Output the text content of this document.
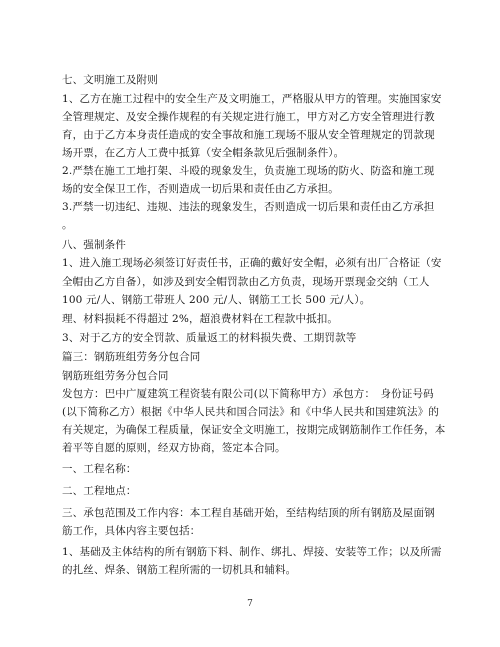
七、文明施工及附则
1、乙方在施工过程中的安全生产及文明施工，严格服从甲方的管理。实施国家安
全管理规定、及安全操作规程的有关规定进行施工，甲方对乙方安全管理进行教
育，由于乙方本身责任造成的安全事故和施工现场不服从安全管理规定的罚款现
场开票，在乙方人工费中抵算（安全帽条款见后强制条件）。
2.严禁在施工工地打架、斗殴的现象发生，负责施工现场的防火、防盗和施工现
场的安全保卫工作，否则造成一切后果和责任由乙方承担。
3.严禁一切违纪、违规、违法的现象发生，否则造成一切后果和责任由乙方承担
。
八、强制条件
1、进入施工现场必须签订好责任书，正确的戴好安全帽，必须有出厂合格证（安
全帽由乙方自备），如涉及到安全帽罚款由乙方负责，现场开票现金交纳（工人
100 元/人、钢筋工带班人 200 元/人、钢筋工工长 500 元/人）。
理、材料损耗不得超过 2%，超浪费材料在工程款中抵扣。
3、对于乙方的安全罚款、质量返工的材料损失费、工期罚款等
篇三：钢筋班组劳务分包合同
钢筋班组劳务分包合同
发包方：巴中广厦建筑工程资装有限公司(以下简称甲方）承包方：　身份证号码
(以下简称乙方）根据《中华人民共和国合同法》和《中华人民共和国建筑法》的
有关规定，为确保工程质量，保证安全文明施工，按期完成钢筋制作工作任务，本
着平等自愿的原则，经双方协商，签定本合同。
一、工程名称：
二、工程地点：
三、承包范围及工作内容：本工程自基础开始，至结构结顶的所有钢筋及屋面钢
筋工作，具体内容主要包括：
1、基础及主体结构的所有钢筋下料、制作、绑扎、焊接、安装等工作；以及所需
的扎丝、焊条、钢筋工程所需的一切机具和辅料。
7
